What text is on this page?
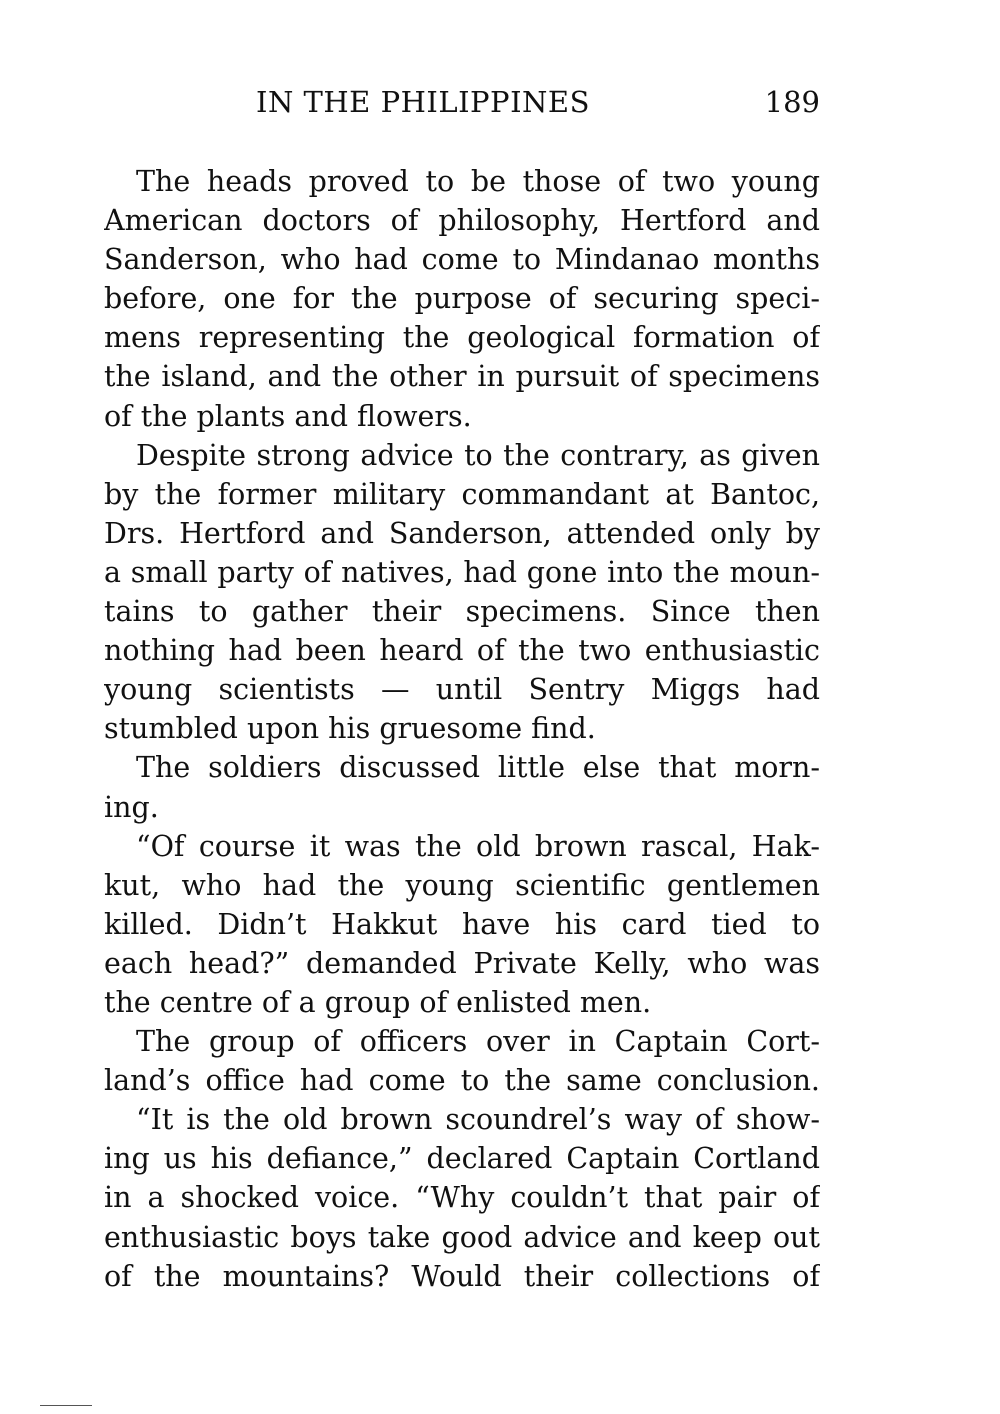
IN THE PHILIPPINES	189
The heads proved to be those of two young
American doctors of philosophy, Hertford and
Sanderson, who had come to Mindanao months
before, one for the purpose of securing speci-
mens representing the geological formation of
the island, and the other in pursuit of specimens
of the plants and flowers.
Despite strong advice to the contrary, as given
by the former military commandant at Bantoc,
Drs. Hertford and Sanderson, attended only by
a small party of natives, had gone into the moun-
tains to gather their specimens. Since then
nothing had been heard of the two enthusiastic
young scientists — until Sentry Miggs had
stumbled upon his gruesome find.
The soldiers discussed little else that morn-
ing.
“Of course it was the old brown rascal, Hak-
kut, who had the young scientific gentlemen
killed. Didn’t Hakkut have his card tied to
each head?” demanded Private Kelly, who was
the centre of a group of enlisted men.
The group of officers over in Captain Cort-
land’s office had come to the same conclusion.
“It is the old brown scoundrel’s way of show-
ing us his defiance,” declared Captain Cortland
in a shocked voice. “Why couldn’t that pair of
enthusiastic boys take good advice and keep out
of the mountains? Would their collections of
